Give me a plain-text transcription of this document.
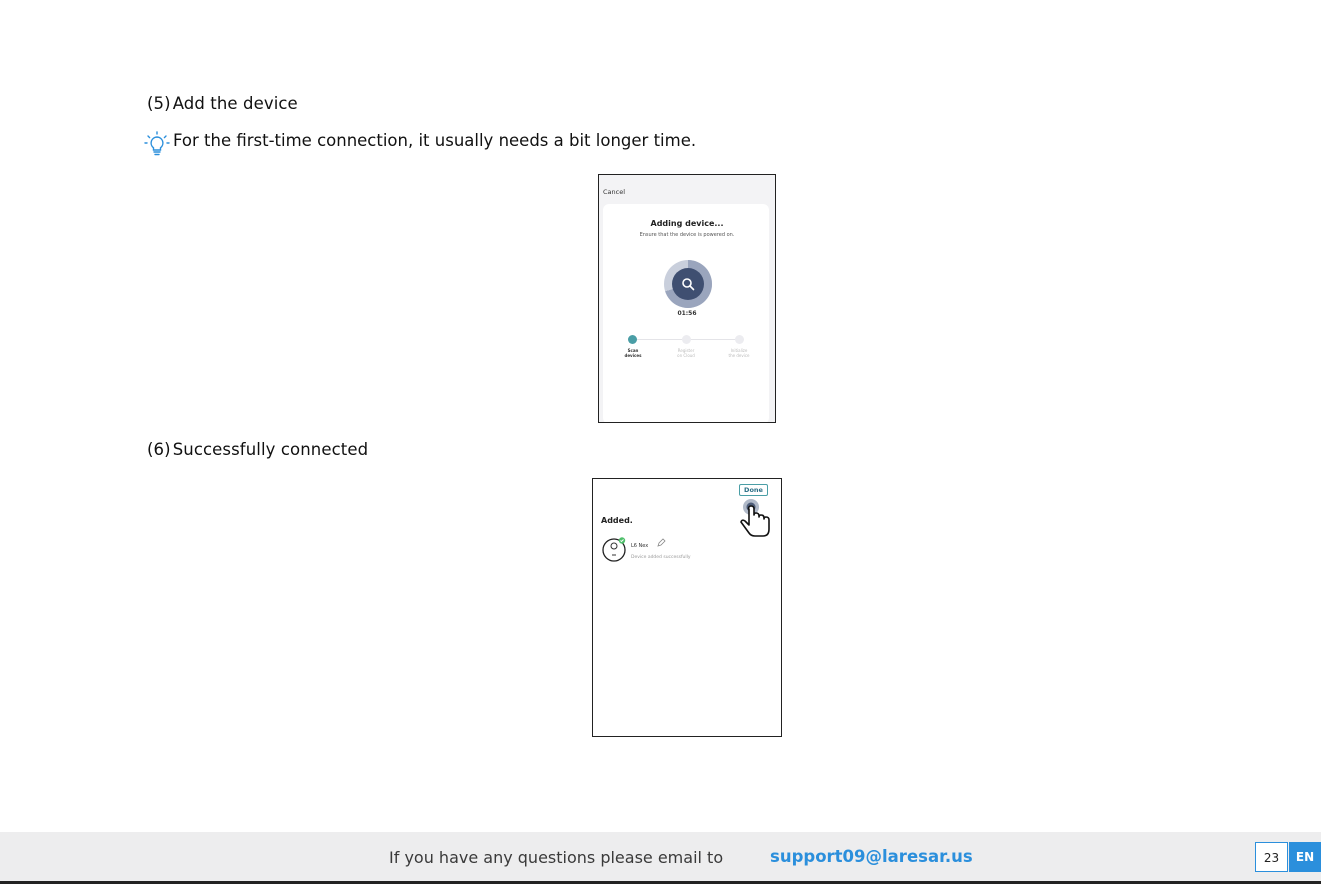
(5) Add the device
For the first-time connection, it usually needs a bit longer time.
Cancel
Adding device...
Ensure that the device is powered on.
01:56
Scan
devices
Register
on Cloud
Initialize
the device
(6) Successfully connected
Done
Added.
L6 Nex
Device added successfully
If you have any questions please email to	support09@laresar.us	23	EN
